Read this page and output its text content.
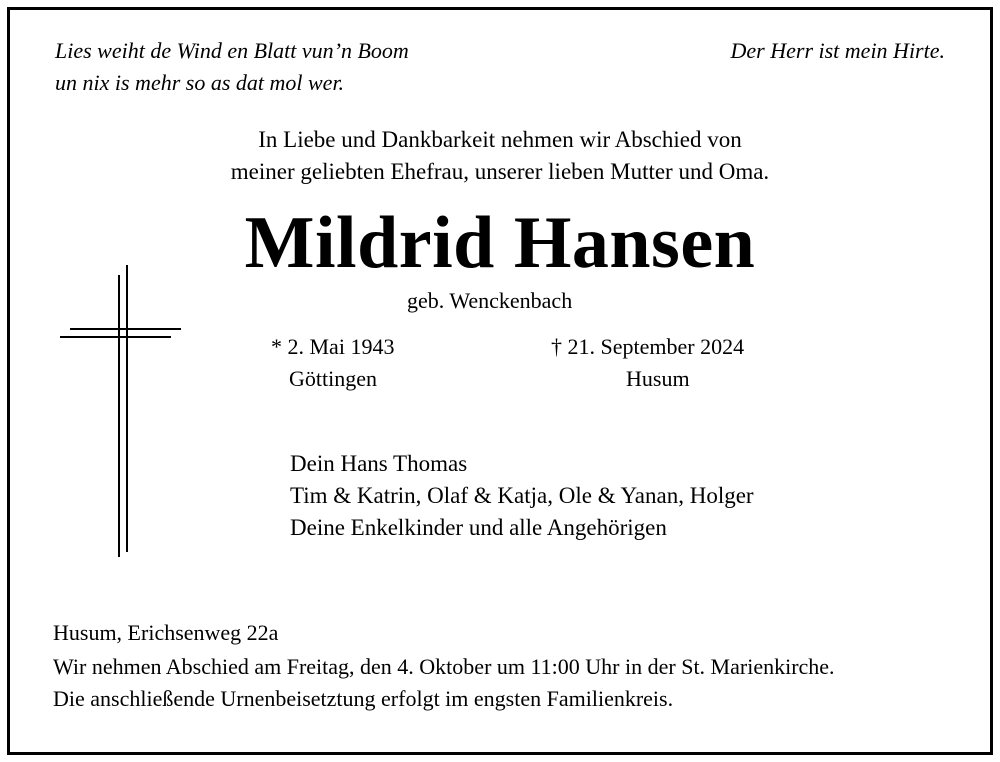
Lies weiht de Wind en Blatt vun’n Boom
un nix is mehr so as dat mol wer.
Der Herr ist mein Hirte.
In Liebe und Dankbarkeit nehmen wir Abschied von
meiner geliebten Ehefrau, unserer lieben Mutter und Oma.
Mildrid Hansen
geb. Wenckenbach
* 2. Mai 1943
Göttingen
† 21. September 2024
Husum
Dein Hans Thomas
Tim & Katrin, Olaf & Katja, Ole & Yanan, Holger
Deine Enkelkinder und alle Angehörigen
Husum, Erichsenweg 22a
Wir nehmen Abschied am Freitag, den 4. Oktober um 11:00 Uhr in der St. Marienkirche.
Die anschließende Urnenbeisetztung erfolgt im engsten Familienkreis.
